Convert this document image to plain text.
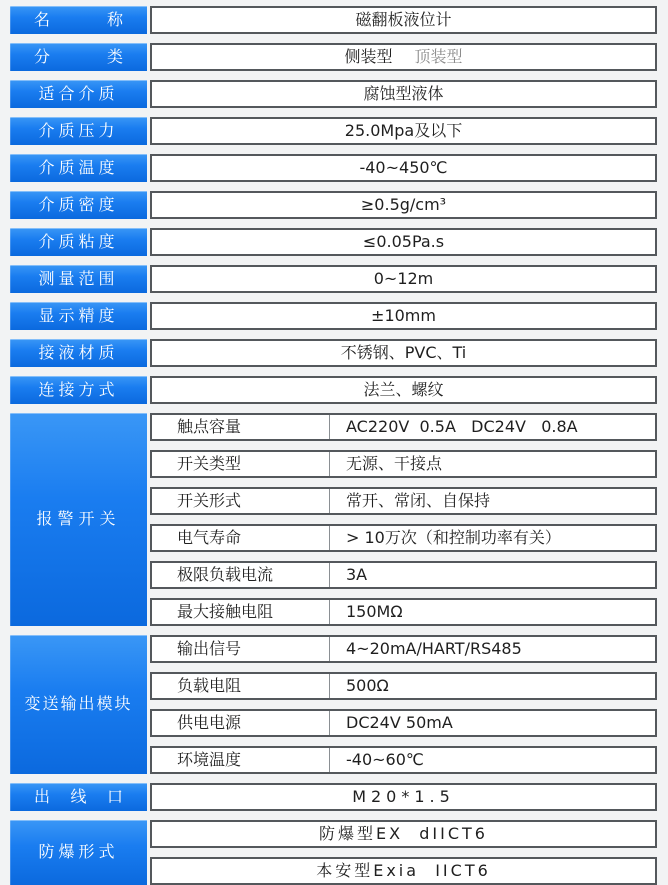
名称	磁翻板液位计
分类	侧装型 顶装型
适合介质	腐蚀型液体
介质压力	25.0Mpa及以下
介质温度	-40~450℃
介质密度	≥0.5g/cm³
介质粘度	≤0.05Pa.s
测量范围	0~12m
显示精度	±10mm
接液材质	不锈钢、PVC、Ti
连接方式	法兰、螺纹
报警开关
触点容量	AC220V  0.5A   DC24V   0.8A
开关类型	无源、干接点
开关形式	常开、常闭、自保持
电气寿命	> 10万次（和控制功率有关）
极限负载电流	3A
最大接触电阻	150MΩ
变送输出模块
输出信号	4~20mA/HART/RS485
负载电阻	500Ω
供电电源	DC24V 50mA
环境温度	-40~60℃
出线口	M20*1.5
防爆形式
防爆型EX  dIICT6
本安型Exia  IICT6
